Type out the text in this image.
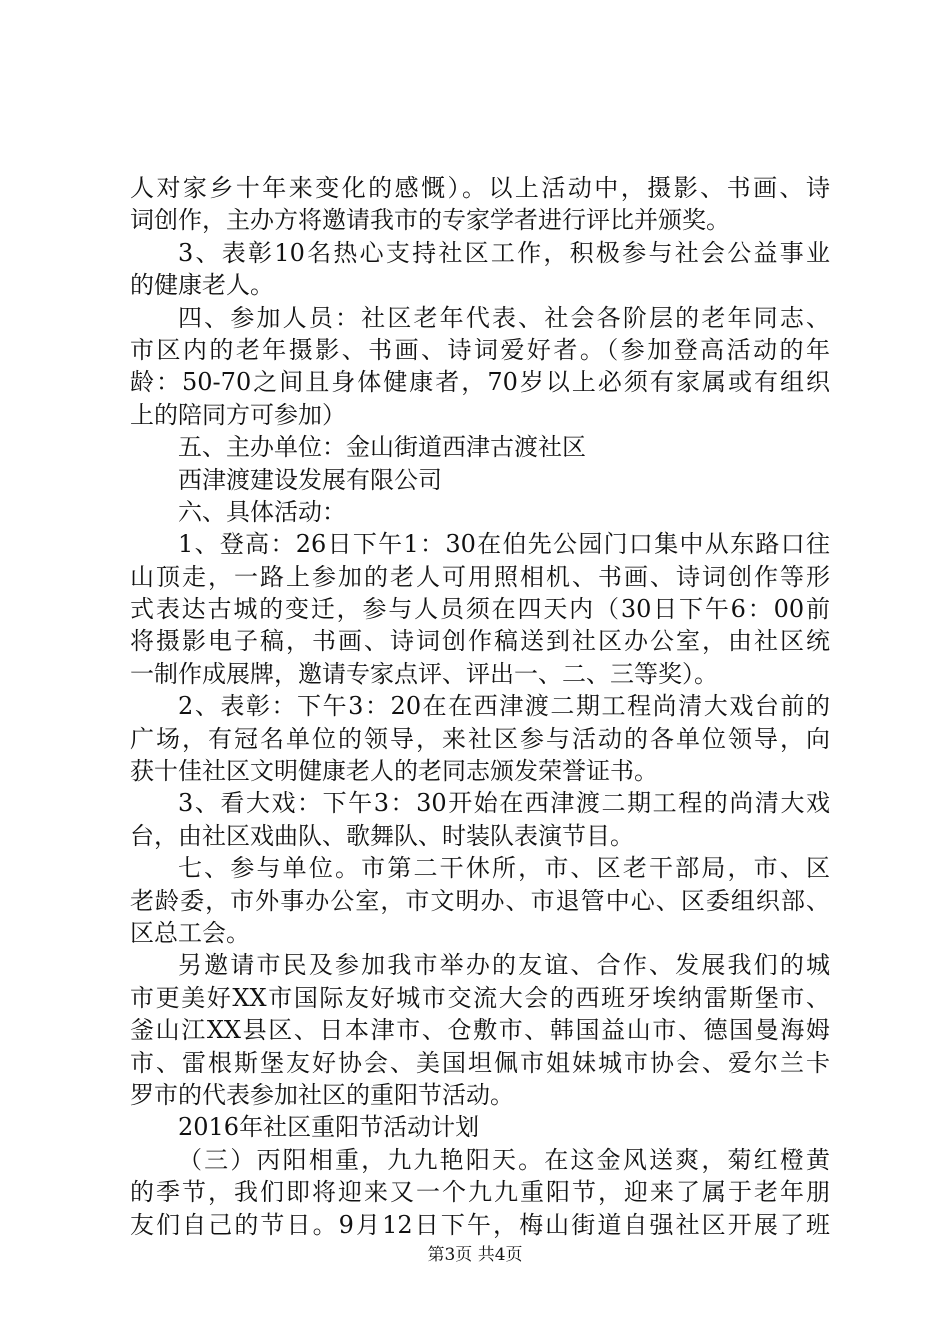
人对家乡十年来变化的感慨）。以上活动中，摄影、书画、诗
词创作，主办方将邀请我市的专家学者进行评比并颁奖。
3、表彰10名热心支持社区工作，积极参与社会公益事业
的健康老人。
四、参加人员：社区老年代表、社会各阶层的老年同志、
市区内的老年摄影、书画、诗词爱好者。（参加登高活动的年
龄：50-70之间且身体健康者，70岁以上必须有家属或有组织
上的陪同方可参加）
五、主办单位：金山街道西津古渡社区
西津渡建设发展有限公司
六、具体活动：
1、登高：26日下午1：30在伯先公园门口集中从东路口往
山顶走，一路上参加的老人可用照相机、书画、诗词创作等形
式表达古城的变迁，参与人员须在四天内（30日下午6：00前
将摄影电子稿，书画、诗词创作稿送到社区办公室，由社区统
一制作成展牌，邀请专家点评、评出一、二、三等奖）。
2、表彰：下午3：20在在西津渡二期工程尚清大戏台前的
广场，有冠名单位的领导，来社区参与活动的各单位领导，向
获十佳社区文明健康老人的老同志颁发荣誉证书。
3、看大戏：下午3：30开始在西津渡二期工程的尚清大戏
台，由社区戏曲队、歌舞队、时装队表演节目。
七、参与单位。市第二干休所，市、区老干部局，市、区
老龄委，市外事办公室，市文明办、市退管中心、区委组织部、
区总工会。
另邀请市民及参加我市举办的友谊、合作、发展我们的城
市更美好XX市国际友好城市交流大会的西班牙埃纳雷斯堡市、
釜山江XX县区、日本津市、仓敷市、韩国益山市、德国曼海姆
市、雷根斯堡友好协会、美国坦佩市姐妹城市协会、爱尔兰卡
罗市的代表参加社区的重阳节活动。
2016年社区重阳节活动计划
（三）丙阳相重，九九艳阳天。在这金风送爽，菊红橙黄
的季节，我们即将迎来又一个九九重阳节，迎来了属于老年朋
友们自己的节日。9月12日下午，梅山街道自强社区开展了班
第3页 共4页
